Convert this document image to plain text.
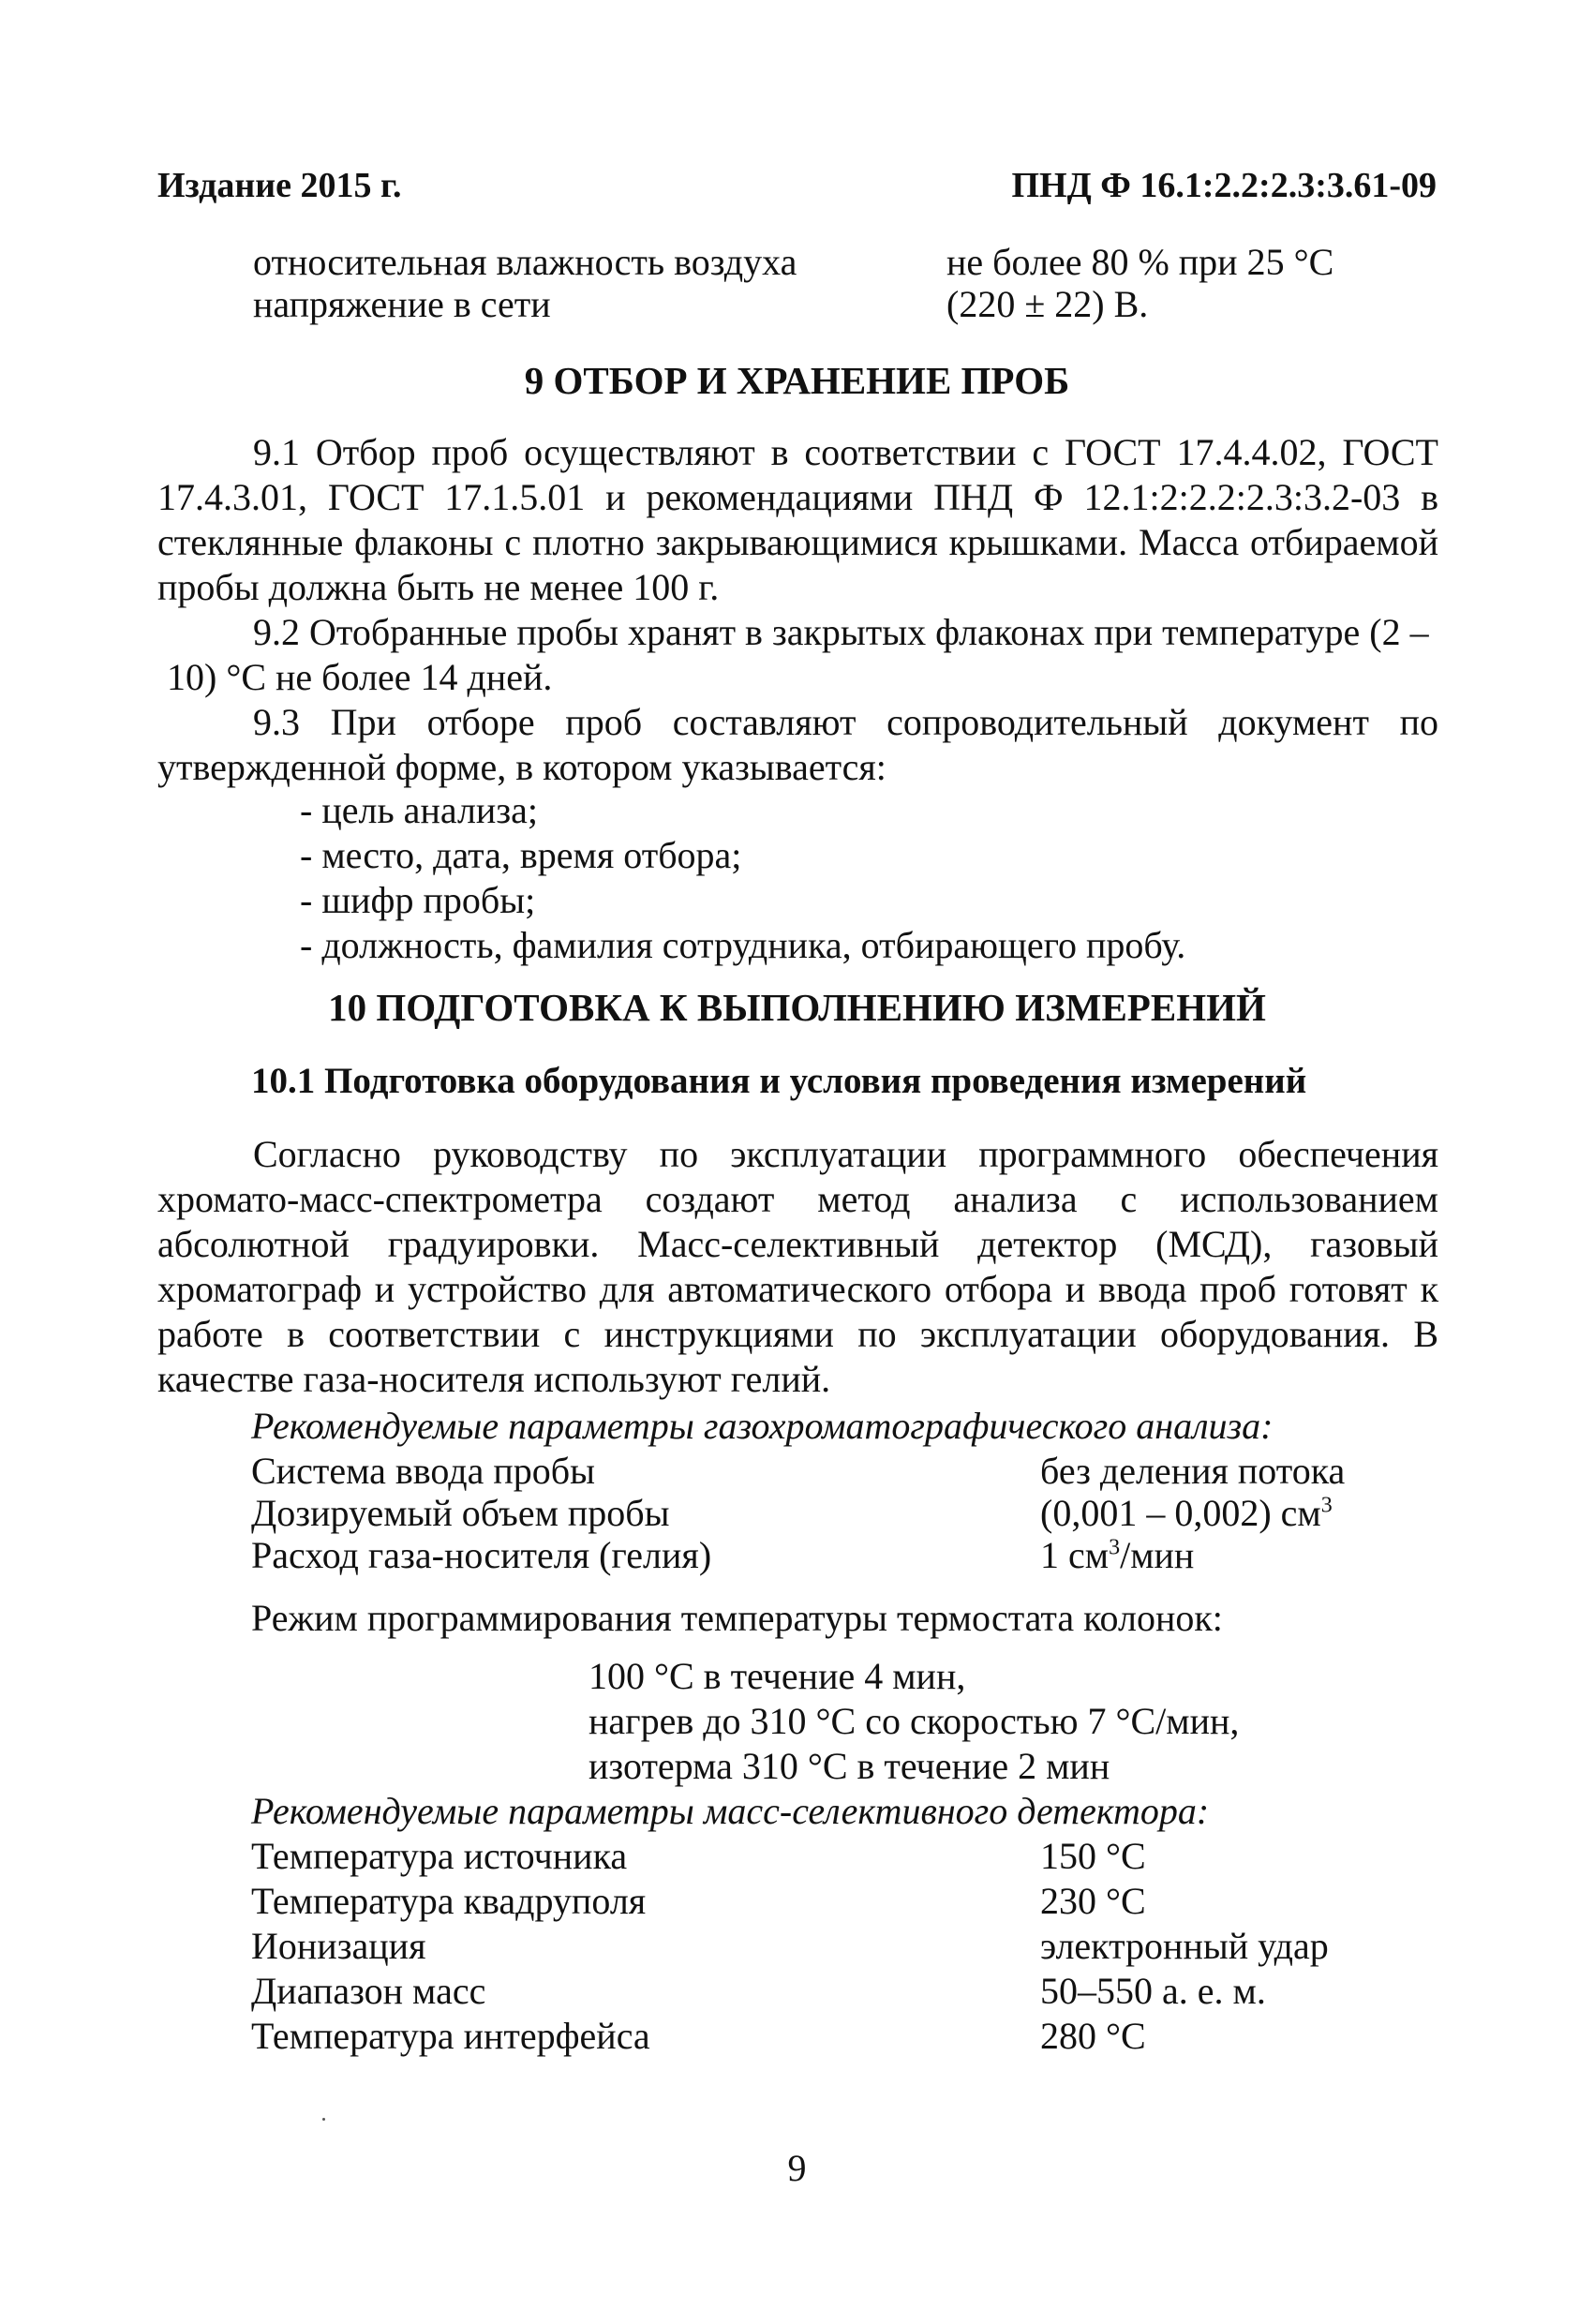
Издание 2015 г.	ПНД Ф 16.1:2.2:2.3:3.61-09
относительная влажность воздуха	не более 80 % при 25 °С
напряжение в сети	(220 ± 22) В.
9 ОТБОР И ХРАНЕНИЕ ПРОБ

9.1 Отбор проб осуществляют в соответствии с ГОСТ 17.4.4.02, ГОСТ 17.4.3.01, ГОСТ 17.1.5.01 и рекомендациями ПНД Ф 12.1:2:2.2:2.3:3.2-03 в стеклянные флаконы с плотно закрывающимися крышками. Масса отбираемой пробы должна быть не менее 100 г.

9.2 Отобранные пробы хранят в закрытых флаконах при температуре (2 –

10) °С не более 14 дней.

9.3 При отборе проб составляют сопроводительный документ по утвержденной форме, в котором указывается:

- цель анализа;
- место, дата, время отбора;
- шифр пробы;
- должность, фамилия сотрудника, отбирающего пробу.
10 ПОДГОТОВКА К ВЫПОЛНЕНИЮ ИЗМЕРЕНИЙ
10.1 Подготовка оборудования и условия проведения измерений

Согласно руководству по эксплуатации программного обеспечения хромато-масс-спектрометра создают метод анализа с использованием абсолютной градуировки. Масс-селективный детектор (МСД), газовый хроматограф и устройство для автоматического отбора и ввода проб готовят к работе в соответствии с инструкциями по эксплуатации оборудования. В качестве газа-носителя используют гелий.

Рекомендуемые параметры газохроматографического анализа:
Система ввода пробы	без деления потока
Дозируемый объем пробы	(0,001 – 0,002) $см^3$
Расход газа-носителя (гелия)	1 $см^3$/мин
Режим программирования температуры термостата колонок:
100 °С в течение 4 мин,
нагрев до 310 °С со скоростью 7 °С/мин,
изотерма 310 °С в течение 2 мин
Рекомендуемые параметры масс-селективного детектора:
Температура источника	150 °С
Температура квадруполя	230 °С
Ионизация	электронный удар
Диапазон масс	50–550 а. е. м.
Температура интерфейса	280 °С
9
